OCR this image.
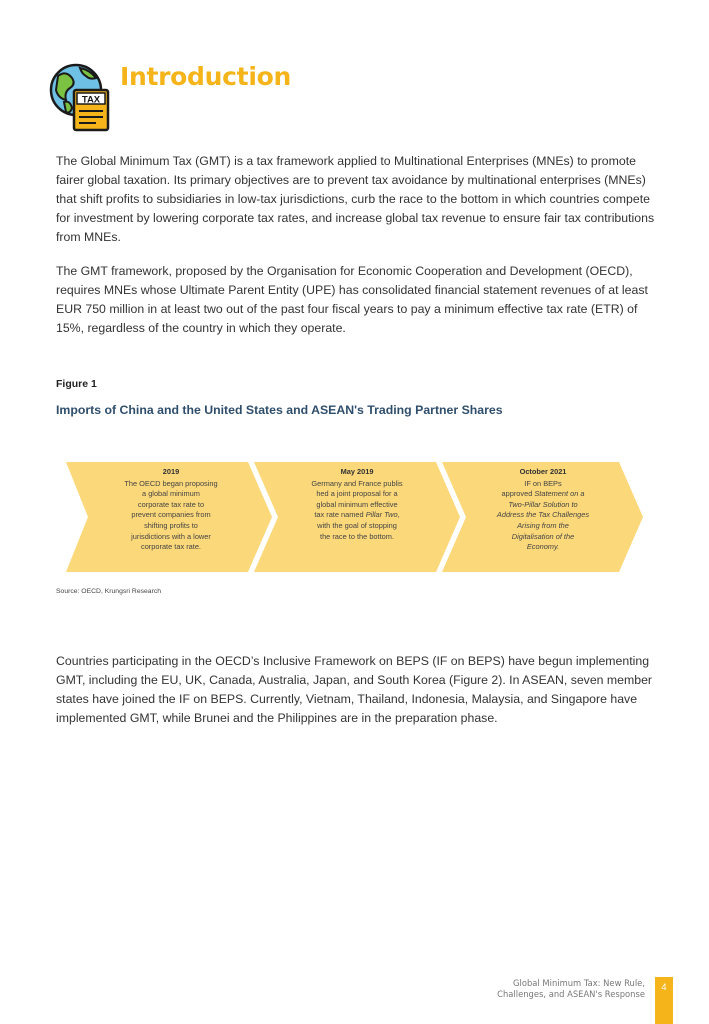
TAX
Introduction

The Global Minimum Tax (GMT) is a tax framework applied to Multinational Enterprises (MNEs) to promote fairer global taxation. Its primary objectives are to prevent tax avoidance by multinational enterprises (MNEs) that shift profits to subsidiaries in low-tax jurisdictions, curb the race to the bottom in which countries compete for investment by lowering corporate tax rates, and increase global tax revenue to ensure fair tax contributions from MNEs.

The GMT framework, proposed by the Organisation for Economic Cooperation and Development (OECD), requires MNEs whose Ultimate Parent Entity (UPE) has consolidated financial statement revenues of at least EUR 750 million in at least two out of the past four fiscal years to pay a minimum effective tax rate (ETR) of 15%, regardless of the country in which they operate.

Figure 1
Imports of China and the United States and ASEAN's Trading Partner Shares
2019
The OECD began proposing
a global minimum
corporate tax rate to
prevent companies from
shifting profits to
jurisdictions with a lower
corporate tax rate.
May 2019
Germany and France publis
hed a joint proposal for a
global minimum effective
tax rate named Pillar Two,
with the goal of stopping
the race to the bottom.
October 2021
IF on BEPs
approved Statement on a
Two-Pillar Solution to
Address the Tax Challenges
Arising from the
Digitalisation of the
Economy.
Source: OECD, Krungsri Research

Countries participating in the OECD’s Inclusive Framework on BEPS (IF on BEPS) have begun implementing GMT, including the EU, UK, Canada, Australia, Japan, and South Korea (Figure 2). In ASEAN, seven member states have joined the IF on BEPS. Currently, Vietnam, Thailand, Indonesia, Malaysia, and Singapore have implemented GMT, while Brunei and the Philippines are in the preparation phase.

Global Minimum Tax: New Rule,
Challenges, and ASEAN's Response
4
